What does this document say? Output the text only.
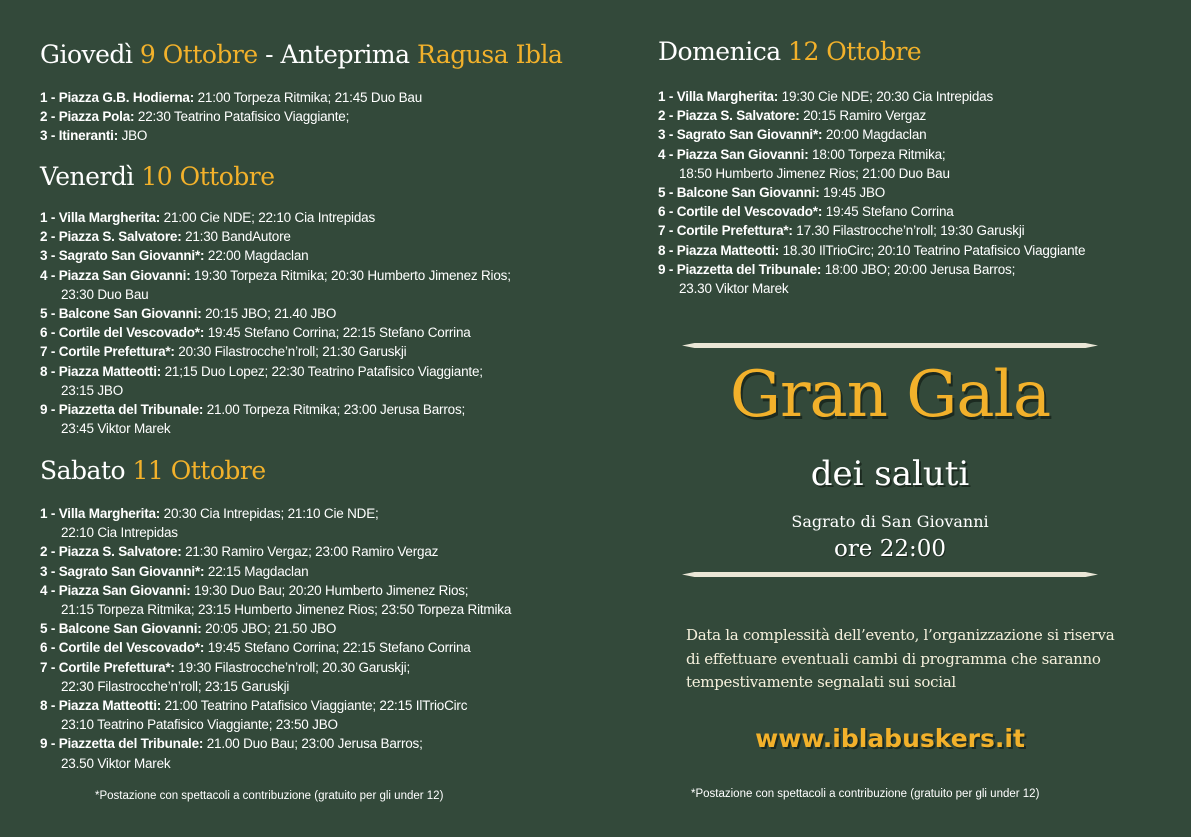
Giovedì 9 Ottobre - Anteprima Ragusa Ibla
1 - Piazza G.B. Hodierna: 21:00 Torpeza Ritmika; 21:45 Duo Bau
2 - Piazza Pola: 22:30 Teatrino Patafisico Viaggiante;
3 - Itineranti: JBO
Venerdì 10 Ottobre
1 - Villa Margherita: 21:00 Cie NDE; 22:10 Cia Intrepidas
2 - Piazza S. Salvatore: 21:30 BandAutore
3 - Sagrato San Giovanni*: 22:00 Magdaclan
4 - Piazza San Giovanni: 19:30 Torpeza Ritmika; 20:30 Humberto Jimenez Rios;
23:30 Duo Bau
5 - Balcone San Giovanni: 20:15 JBO; 21.40 JBO
6 - Cortile del Vescovado*: 19:45 Stefano Corrina; 22:15 Stefano Corrina
7 - Cortile Prefettura*: 20:30 Filastrocche’n’roll; 21:30 Garuskji
8 - Piazza Matteotti: 21;15 Duo Lopez; 22:30 Teatrino Patafisico Viaggiante;
23:15 JBO
9 - Piazzetta del Tribunale: 21.00 Torpeza Ritmika; 23:00 Jerusa Barros;
23:45 Viktor Marek
Sabato 11 Ottobre
1 - Villa Margherita: 20:30 Cia Intrepidas; 21:10 Cie NDE;
22:10 Cia Intrepidas
2 - Piazza S. Salvatore: 21:30 Ramiro Vergaz; 23:00 Ramiro Vergaz
3 - Sagrato San Giovanni*: 22:15 Magdaclan
4 - Piazza San Giovanni: 19:30 Duo Bau; 20:20 Humberto Jimenez Rios;
21:15 Torpeza Ritmika; 23:15 Humberto Jimenez Rios; 23:50 Torpeza Ritmika
5 - Balcone San Giovanni: 20:05 JBO; 21.50 JBO
6 - Cortile del Vescovado*: 19:45 Stefano Corrina; 22:15 Stefano Corrina
7 - Cortile Prefettura*: 19:30 Filastrocche’n’roll; 20.30 Garuskji;
22:30 Filastrocche’n’roll; 23:15 Garuskji
8 - Piazza Matteotti: 21:00 Teatrino Patafisico Viaggiante; 22:15 IlTrioCirc
23:10 Teatrino Patafisico Viaggiante; 23:50 JBO
9 - Piazzetta del Tribunale: 21.00 Duo Bau; 23:00 Jerusa Barros;
23.50 Viktor Marek
*Postazione con spettacoli a contribuzione (gratuito per gli under 12)
Domenica 12 Ottobre
1 - Villa Margherita: 19:30 Cie NDE; 20:30 Cia Intrepidas
2 - Piazza S. Salvatore: 20:15 Ramiro Vergaz
3 - Sagrato San Giovanni*: 20:00 Magdaclan
4 - Piazza San Giovanni: 18:00 Torpeza Ritmika;
18:50 Humberto Jimenez Rios; 21:00 Duo Bau
5 - Balcone San Giovanni: 19:45 JBO
6 - Cortile del Vescovado*: 19:45 Stefano Corrina
7 - Cortile Prefettura*: 17.30 Filastrocche’n’roll; 19:30 Garuskji
8 - Piazza Matteotti: 18.30 IlTrioCirc; 20:10 Teatrino Patafisico Viaggiante
9 - Piazzetta del Tribunale: 18:00 JBO; 20:00 Jerusa Barros;
23.30 Viktor Marek
Gran Gala
dei saluti
Sagrato di San Giovanni
ore 22:00
Data la complessità dell’evento, l’organizzazione si riserva
di effettuare eventuali cambi di programma che saranno
tempestivamente segnalati sui social
www.iblabuskers.it
*Postazione con spettacoli a contribuzione (gratuito per gli under 12)
